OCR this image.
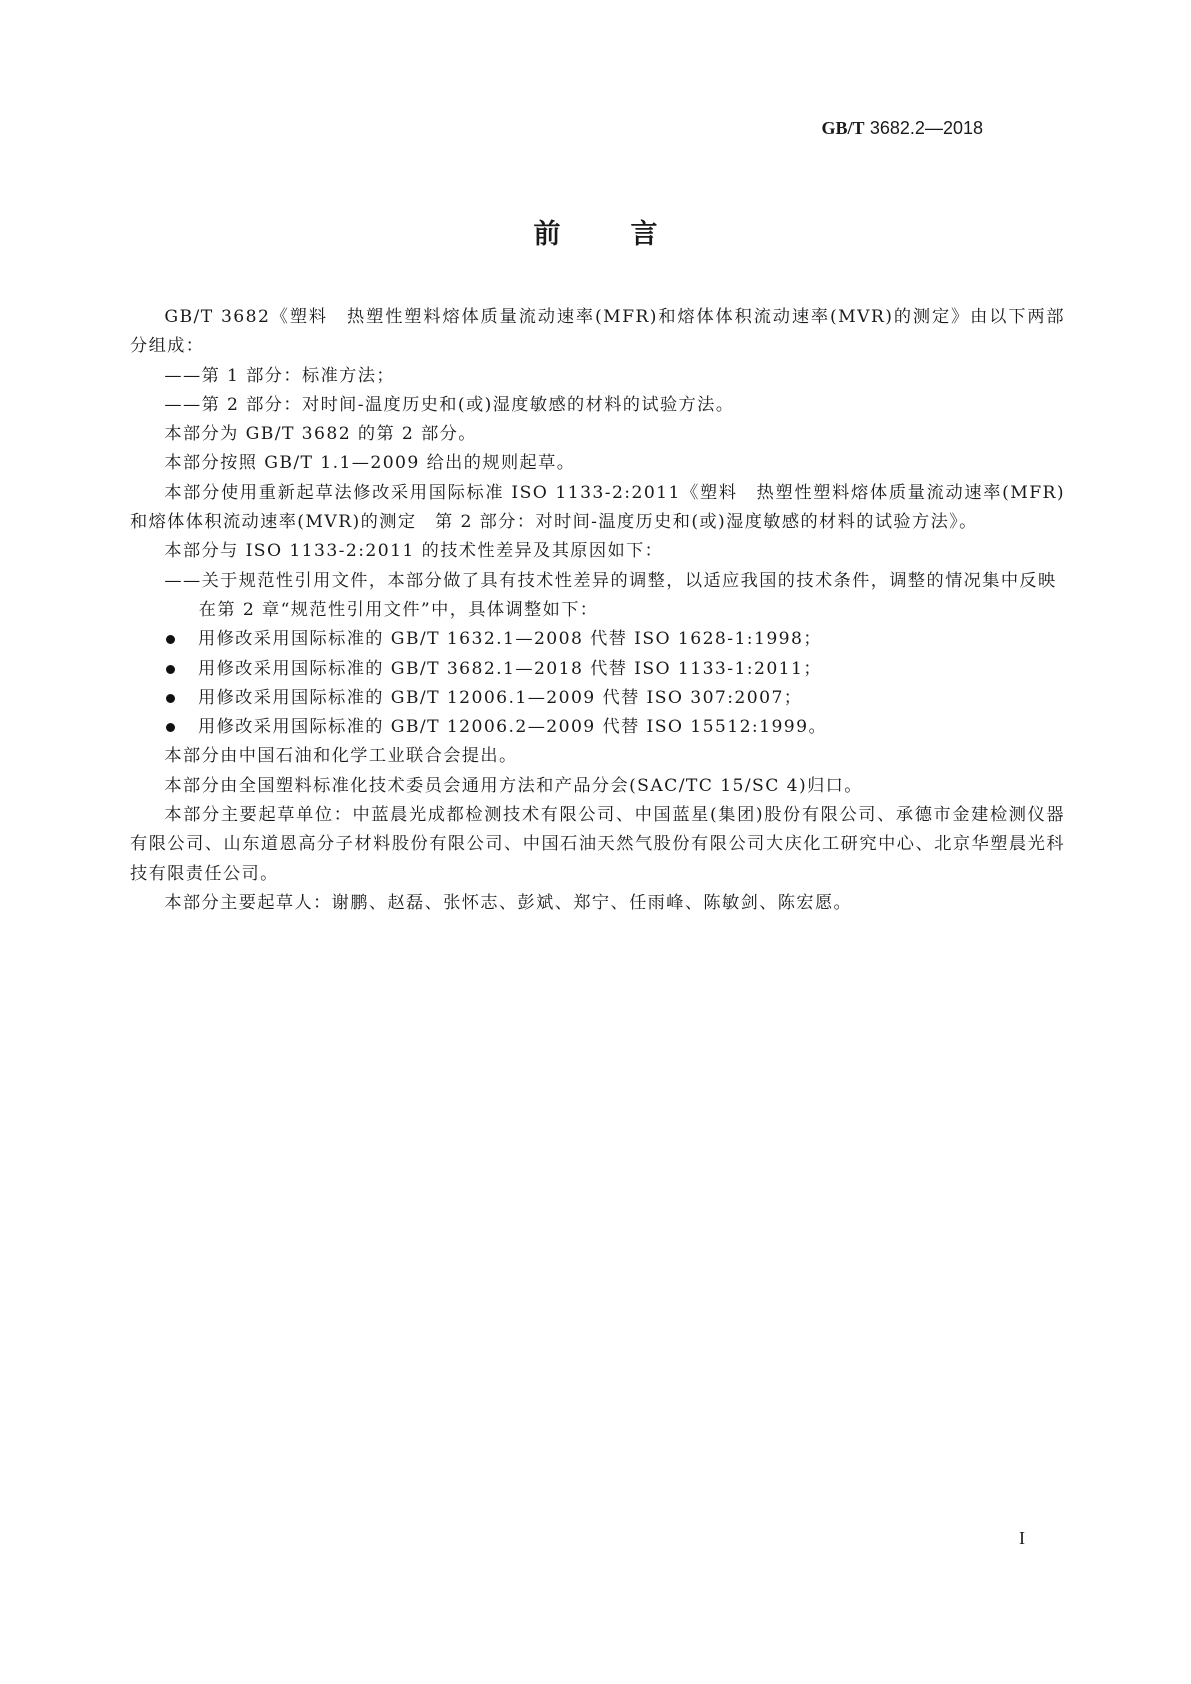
GB/T 3682.2—2018
前	言

GB/T 3682《塑料　热塑性塑料熔体质量流动速率(MFR)和熔体体积流动速率(MVR)的测定》由以下两部分组成：

——第 1 部分：标准方法；

——第 2 部分：对时间-温度历史和(或)湿度敏感的材料的试验方法。

本部分为 GB/T 3682 的第 2 部分。

本部分按照 GB/T 1.1—2009 给出的规则起草。

本部分使用重新起草法修改采用国际标准 ISO 1133-2:2011《塑料　热塑性塑料熔体质量流动速率(MFR)和熔体体积流动速率(MVR)的测定　第 2 部分：对时间-温度历史和(或)湿度敏感的材料的试验方法》。

本部分与 ISO 1133-2:2011 的技术性差异及其原因如下：

——关于规范性引用文件，本部分做了具有技术性差异的调整，以适应我国的技术条件，调整的情况集中反映在第 2 章“规范性引用文件”中，具体调整如下：

用修改采用国际标准的 GB/T 1632.1—2008 代替 ISO 1628-1:1998；

用修改采用国际标准的 GB/T 3682.1—2018 代替 ISO 1133-1:2011；

用修改采用国际标准的 GB/T 12006.1—2009 代替 ISO 307:2007；

用修改采用国际标准的 GB/T 12006.2—2009 代替 ISO 15512:1999。

本部分由中国石油和化学工业联合会提出。

本部分由全国塑料标准化技术委员会通用方法和产品分会(SAC/TC 15/SC 4)归口。

本部分主要起草单位：中蓝晨光成都检测技术有限公司、中国蓝星(集团)股份有限公司、承德市金建检测仪器有限公司、山东道恩高分子材料股份有限公司、中国石油天然气股份有限公司大庆化工研究中心、北京华塑晨光科技有限责任公司。

本部分主要起草人：谢鹏、赵磊、张怀志、彭斌、郑宁、任雨峰、陈敏剑、陈宏愿。

I
